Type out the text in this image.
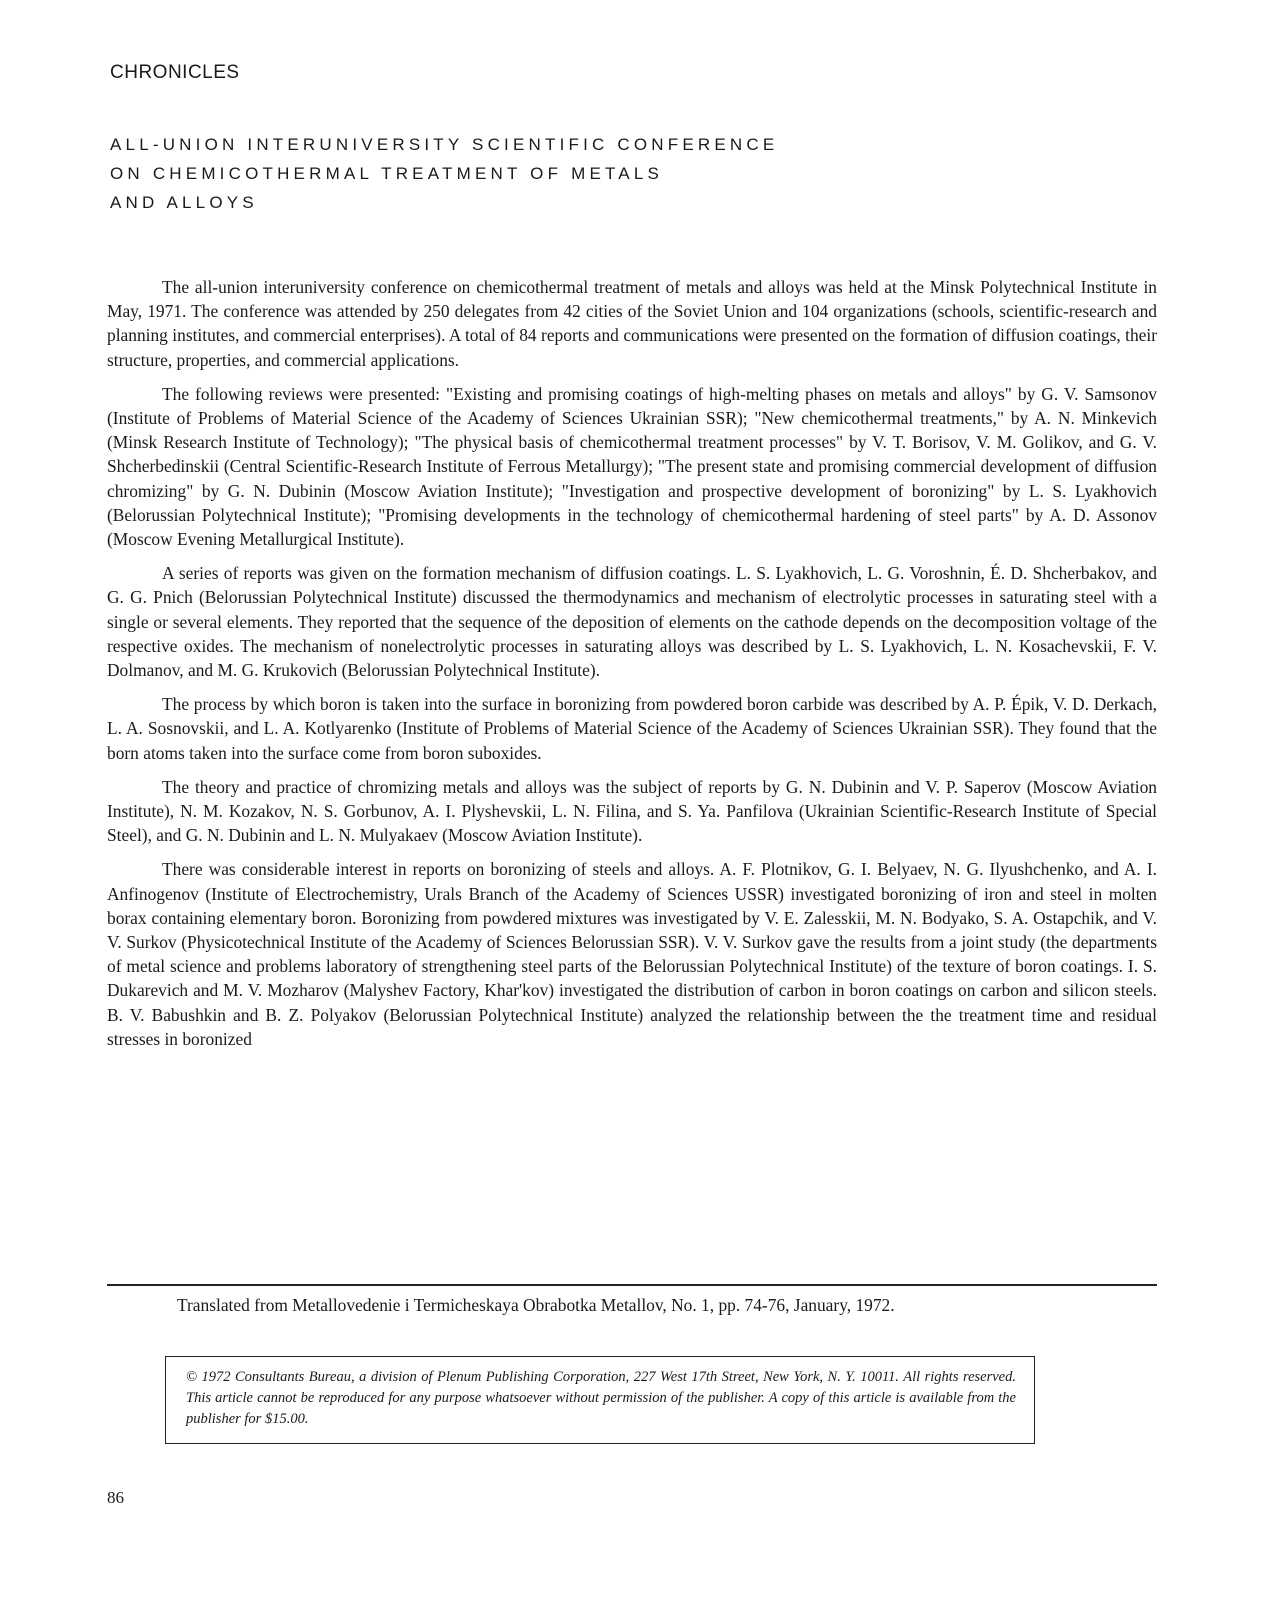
CHRONICLES
ALL-UNION INTERUNIVERSITY SCIENTIFIC CONFERENCE
ON CHEMICOTHERMAL TREATMENT OF METALS
AND ALLOYS

The all-union interuniversity conference on chemicothermal treatment of metals and alloys was held at the Minsk Polytechnical Institute in May, 1971. The conference was attended by 250 delegates from 42 cities of the Soviet Union and 104 organizations (schools, scientific-research and planning institutes, and commercial enterprises). A total of 84 reports and communications were presented on the formation of diffusion coatings, their structure, properties, and commercial applications.

The following reviews were presented: "Existing and promising coatings of high-melting phases on metals and alloys" by G. V. Samsonov (Institute of Problems of Material Science of the Academy of Sciences Ukrainian SSR); "New chemicothermal treatments," by A. N. Minkevich (Minsk Research Institute of Technology); "The physical basis of chemicothermal treatment processes" by V. T. Borisov, V. M. Golikov, and G. V. Shcherbedinskii (Central Scientific-Research Institute of Ferrous Metallurgy); "The present state and promising commercial development of diffusion chromizing" by G. N. Dubinin (Moscow Aviation Institute); "Investigation and prospective development of boronizing" by L. S. Lyakhovich (Belorussian Polytechnical Institute); "Promising developments in the technology of chemicothermal hardening of steel parts" by A. D. Assonov (Moscow Evening Metallurgical Institute).

A series of reports was given on the formation mechanism of diffusion coatings. L. S. Lyakhovich, L. G. Voroshnin, É. D. Shcherbakov, and G. G. Pnich (Belorussian Polytechnical Institute) discussed the thermodynamics and mechanism of electrolytic processes in saturating steel with a single or several elements. They reported that the sequence of the deposition of elements on the cathode depends on the decomposition voltage of the respective oxides. The mechanism of nonelectrolytic processes in saturating alloys was described by L. S. Lyakhovich, L. N. Kosachevskii, F. V. Dolmanov, and M. G. Krukovich (Belorussian Polytechnical Institute).

The process by which boron is taken into the surface in boronizing from powdered boron carbide was described by A. P. Épik, V. D. Derkach, L. A. Sosnovskii, and L. A. Kotlyarenko (Institute of Problems of Material Science of the Academy of Sciences Ukrainian SSR). They found that the born atoms taken into the surface come from boron suboxides.

The theory and practice of chromizing metals and alloys was the subject of reports by G. N. Dubinin and V. P. Saperov (Moscow Aviation Institute), N. M. Kozakov, N. S. Gorbunov, A. I. Plyshevskii, L. N. Filina, and S. Ya. Panfilova (Ukrainian Scientific-Research Institute of Special Steel), and G. N. Dubinin and L. N. Mulyakaev (Moscow Aviation Institute).

There was considerable interest in reports on boronizing of steels and alloys. A. F. Plotnikov, G. I. Belyaev, N. G. Ilyushchenko, and A. I. Anfinogenov (Institute of Electrochemistry, Urals Branch of the Academy of Sciences USSR) investigated boronizing of iron and steel in molten borax containing elementary boron. Boronizing from powdered mixtures was investigated by V. E. Zalesskii, M. N. Bodyako, S. A. Ostapchik, and V. V. Surkov (Physicotechnical Institute of the Academy of Sciences Belorussian SSR). V. V. Surkov gave the results from a joint study (the departments of metal science and problems laboratory of strengthening steel parts of the Belorussian Polytechnical Institute) of the texture of boron coatings. I. S. Dukarevich and M. V. Mozharov (Malyshev Factory, Khar'kov) investigated the distribution of carbon in boron coatings on carbon and silicon steels. B. V. Babushkin and B. Z. Polyakov (Belorussian Polytechnical Institute) analyzed the relationship between the the treatment time and residual stresses in boronized

Translated from Metallovedenie i Termicheskaya Obrabotka Metallov, No. 1, pp. 74-76, January, 1972.
© 1972 Consultants Bureau, a division of Plenum Publishing Corporation, 227 West 17th Street, New York, N. Y. 10011. All rights reserved. This article cannot be reproduced for any purpose whatsoever without permission of the publisher. A copy of this article is available from the publisher for $15.00.
86
